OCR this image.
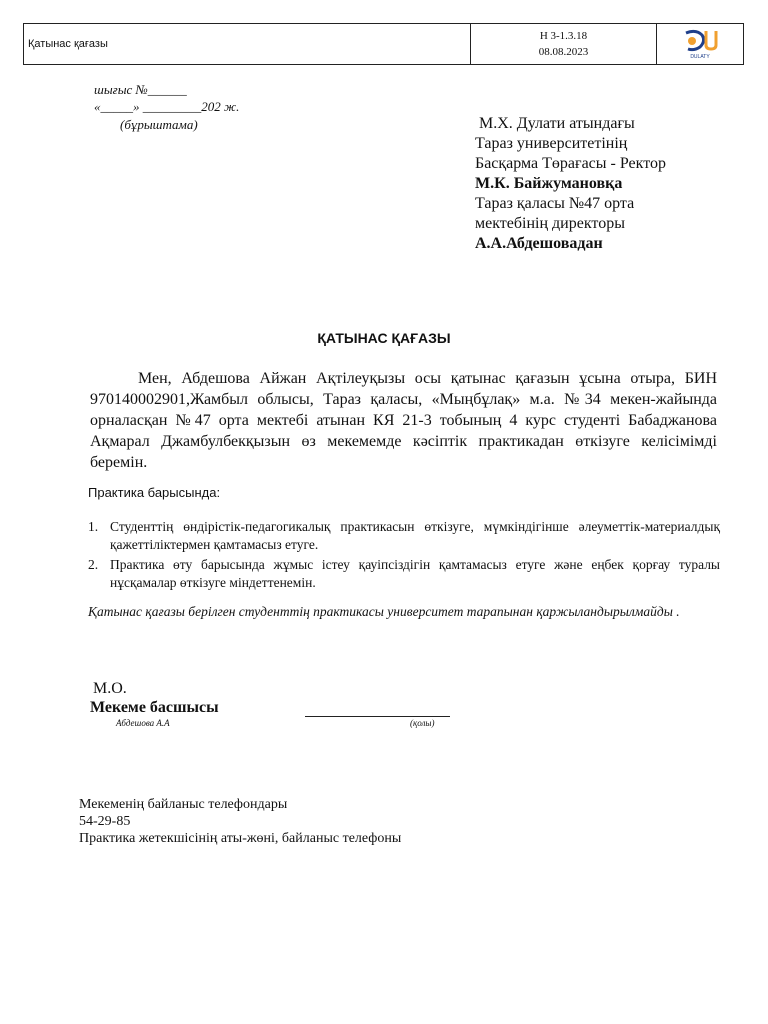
Қатынас қағазы
Н 3-1.3.18
08.08.2023	DULATY
шығыс №______
«_____» _________202 ж.
(бұрыштама)	М.Х. Дулати атындағы
Тараз университетінің
Басқарма Төрағасы - Ректор
М.К. Байжумановқа
Тараз қаласы №47 орта
мектебінің директоры
А.А.Абдешовадан
ҚАТЫНАС ҚАҒАЗЫ
Мен, Абдешова Айжан Ақтілеуқызы осы қатынас қағазын ұсына отыра, БИН 970140002901,Жамбыл облысы, Тараз қаласы, «Мыңбұлақ» м.а. №34 мекен-жайында орналасқан №47 орта мектебі атынан КЯ 21-3 тобының 4 курс студенті Бабаджанова Ақмарал Джамбулбекқызын өз мекемемде кәсіптік практикадан өткізуге келісімімді беремін.
Практика барысында:
1. Студенттің өндірістік-педагогикалық практикасын өткізуге, мүмкіндігінше әлеуметтік-материалдық қажеттіліктермен қамтамасыз етуге.
2. Практика өту барысында жұмыс істеу қауіпсіздігін қамтамасыз етуге және еңбек қорғау туралы нұсқамалар өткізуге міндеттенемін.
Қатынас қағазы берілген студенттің практикасы университет тарапынан қаржыландырылмайды .
М.О.
Мекеме басшысы
Абдешова А.А	(қолы)
Мекеменің байланыс телефондары
54-29-85
Практика жетекшісінің аты-жөні, байланыс телефоны
